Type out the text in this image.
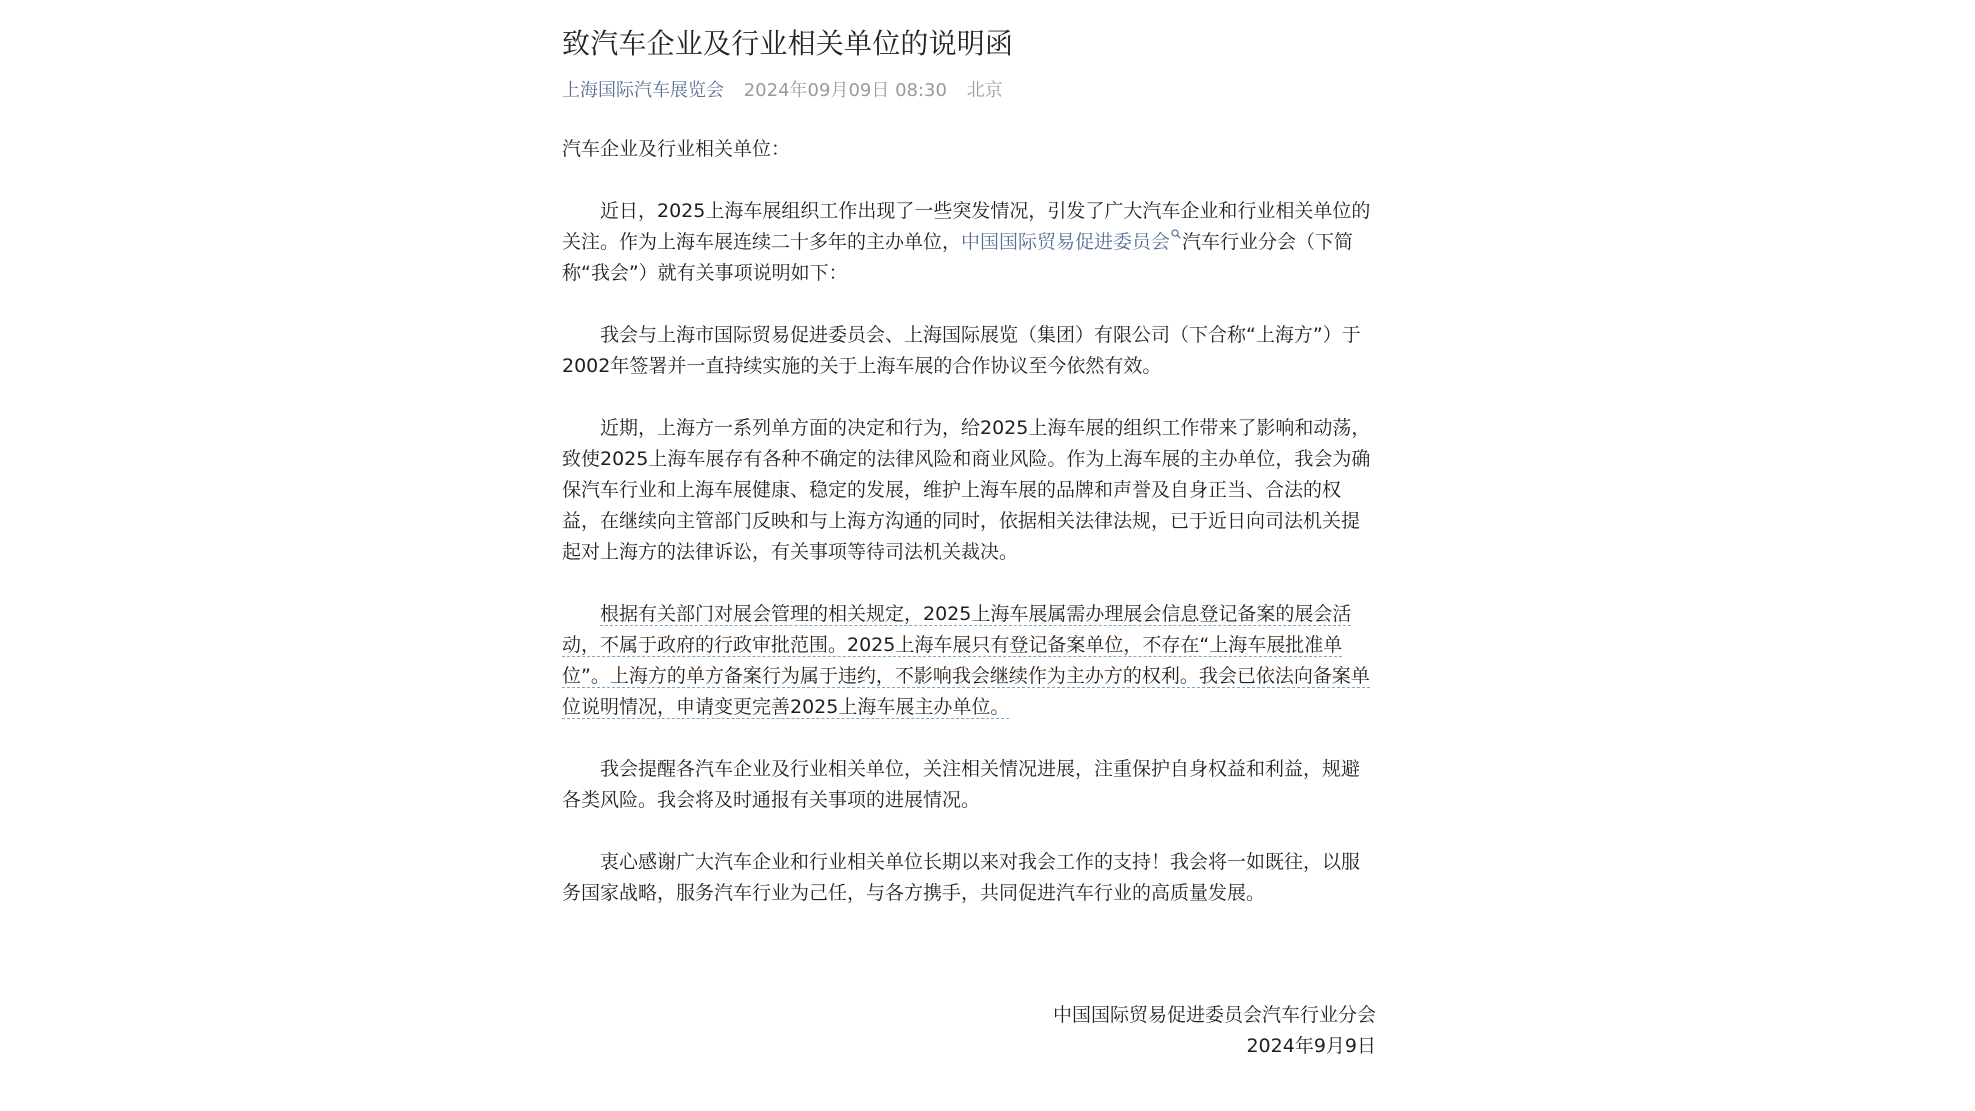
致汽车企业及行业相关单位的说明函
上海国际汽车展览会 2024年09月09日 08:30 北京

汽车企业及行业相关单位：

近日，2025上海车展组织工作出现了一些突发情况，引发了广大汽车企业和行业相关单位的关注。作为上海车展连续二十多年的主办单位，中国国际贸易促进委员会 汽车行业分会（下简称“我会”）就有关事项说明如下：

我会与上海市国际贸易促进委员会、上海国际展览（集团）有限公司（下合称“上海方”）于2002年签署并一直持续实施的关于上海车展的合作协议至今依然有效。

近期，上海方一系列单方面的决定和行为，给2025上海车展的组织工作带来了影响和动荡，致使2025上海车展存有各种不确定的法律风险和商业风险。作为上海车展的主办单位，我会为确保汽车行业和上海车展健康、稳定的发展，维护上海车展的品牌和声誉及自身正当、合法的权益，在继续向主管部门反映和与上海方沟通的同时，依据相关法律法规，已于近日向司法机关提起对上海方的法律诉讼，有关事项等待司法机关裁决。

根据有关部门对展会管理的相关规定，2025上海车展属需办理展会信息登记备案的展会活动，不属于政府的行政审批范围。2025上海车展只有登记备案单位，不存在“上海车展批准单位”。上海方的单方备案行为属于违约，不影响我会继续作为主办方的权利。我会已依法向备案单位说明情况，申请变更完善2025上海车展主办单位。

我会提醒各汽车企业及行业相关单位，关注相关情况进展，注重保护自身权益和利益，规避各类风险。我会将及时通报有关事项的进展情况。

衷心感谢广大汽车企业和行业相关单位长期以来对我会工作的支持！我会将一如既往，以服务国家战略，服务汽车行业为己任，与各方携手，共同促进汽车行业的高质量发展。

中国国际贸易促进委员会汽车行业分会
2024年9月9日
